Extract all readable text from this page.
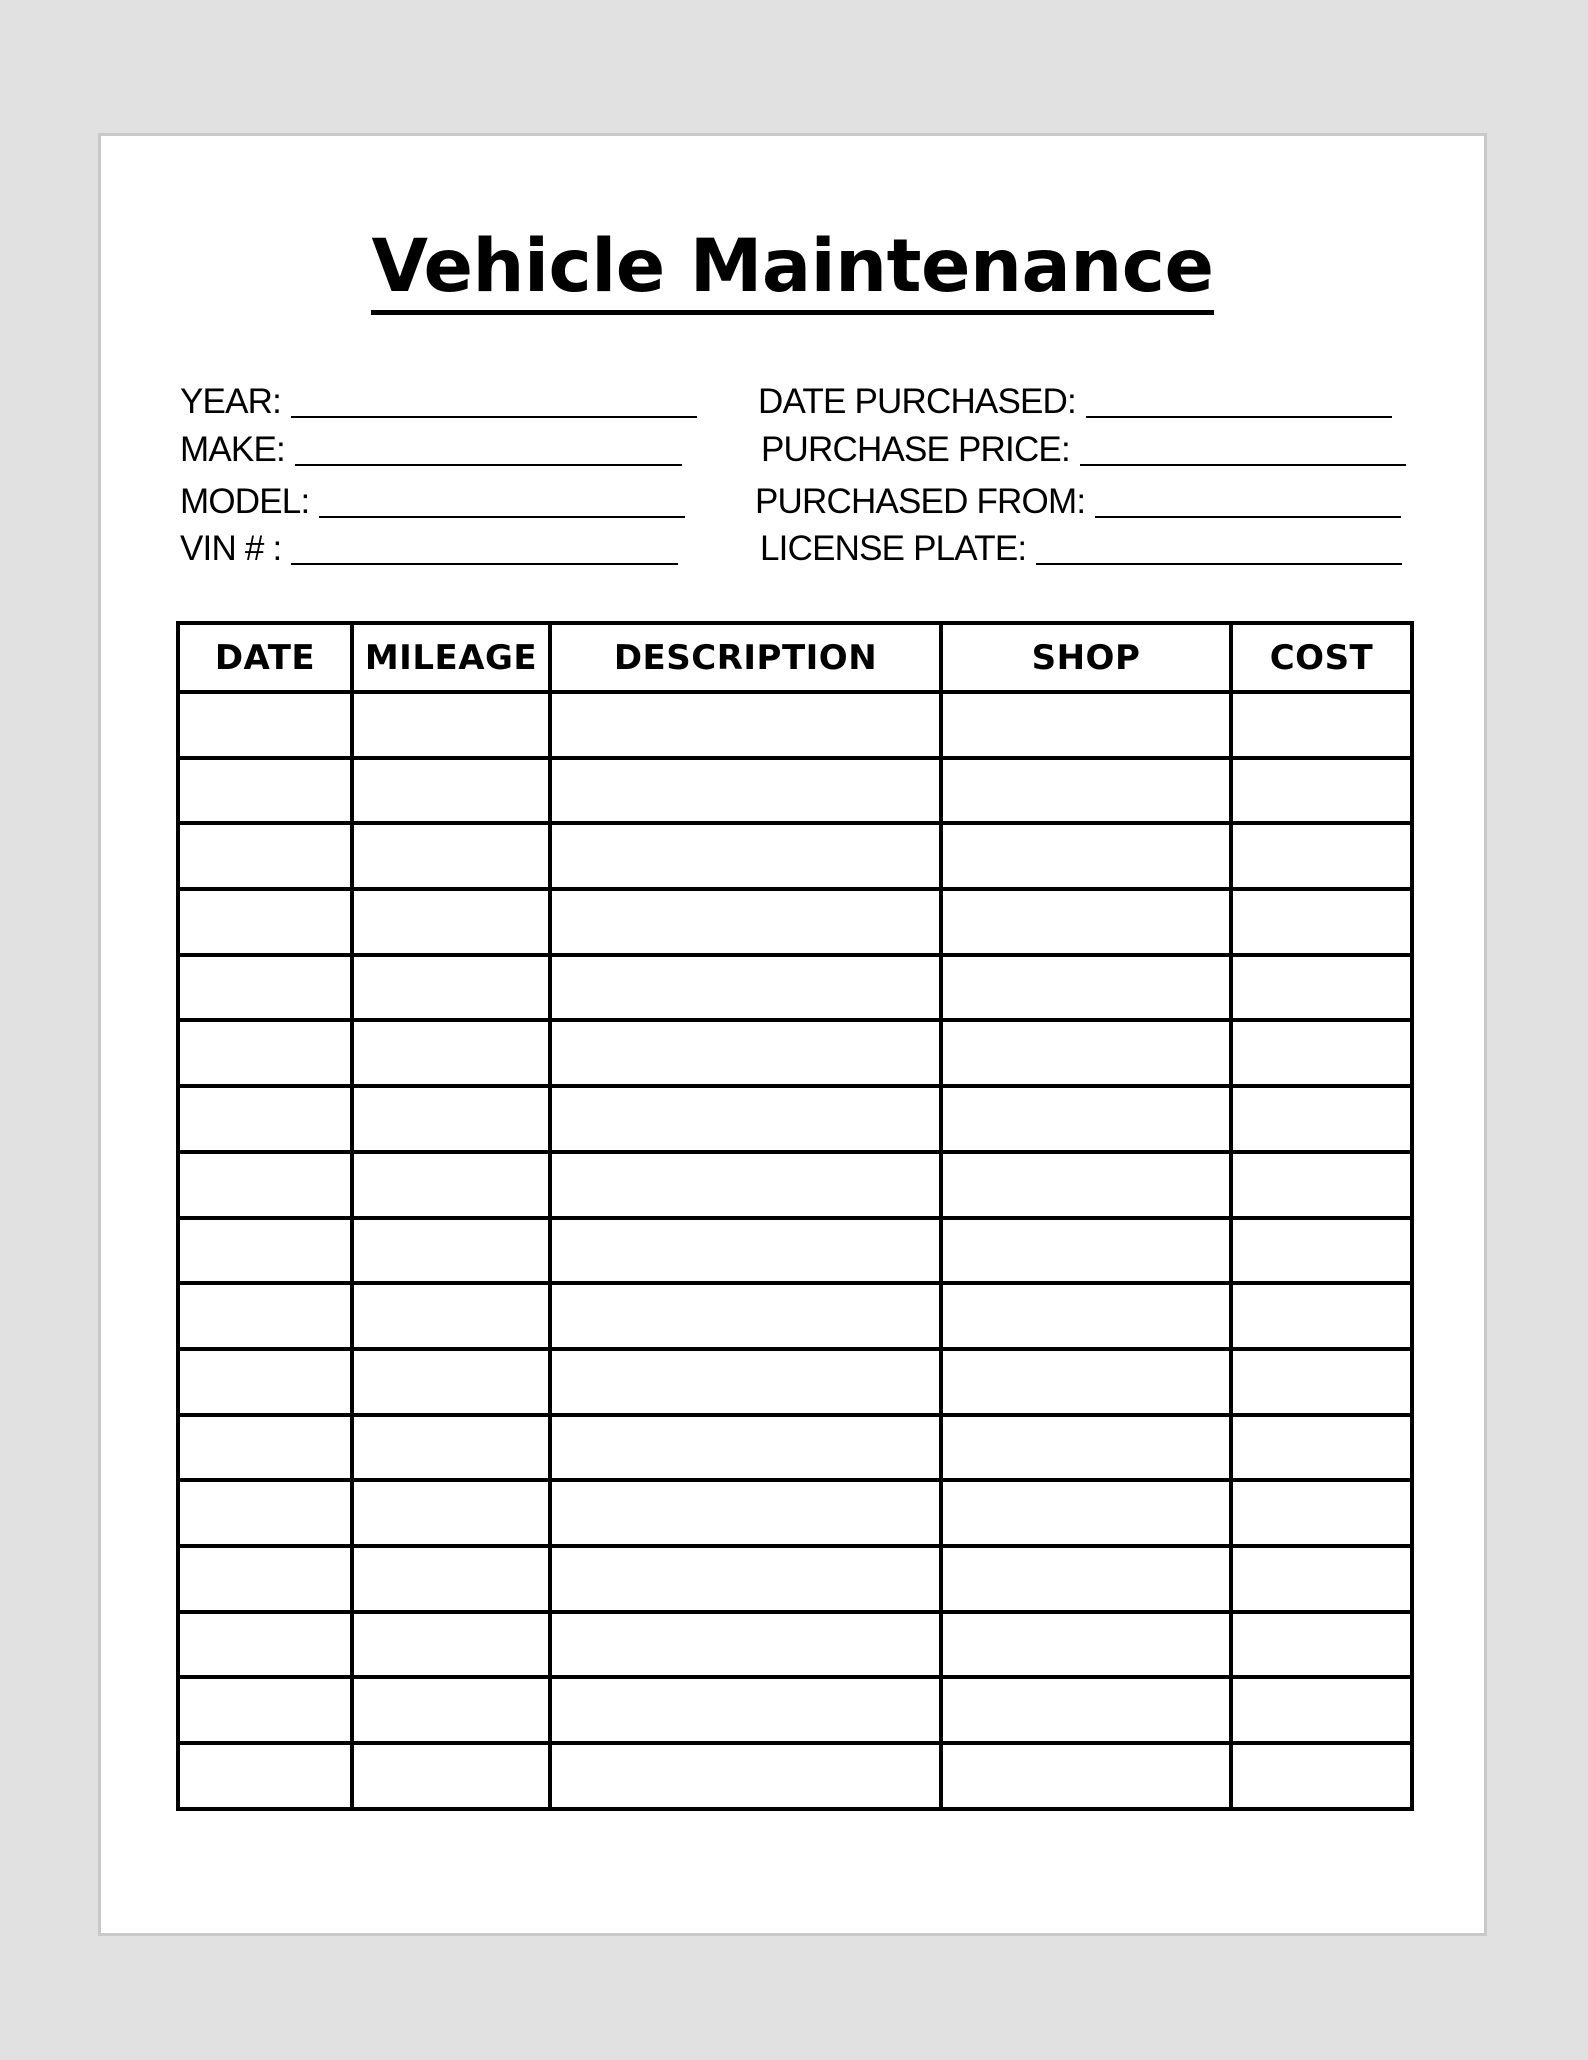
Vehicle Maintenance
YEAR:
MAKE:
MODEL:
VIN # :
DATE PURCHASED:
PURCHASE PRICE:
PURCHASED FROM:
LICENSE PLATE:
DATE	MILEAGE	DESCRIPTION	SHOP	COST
